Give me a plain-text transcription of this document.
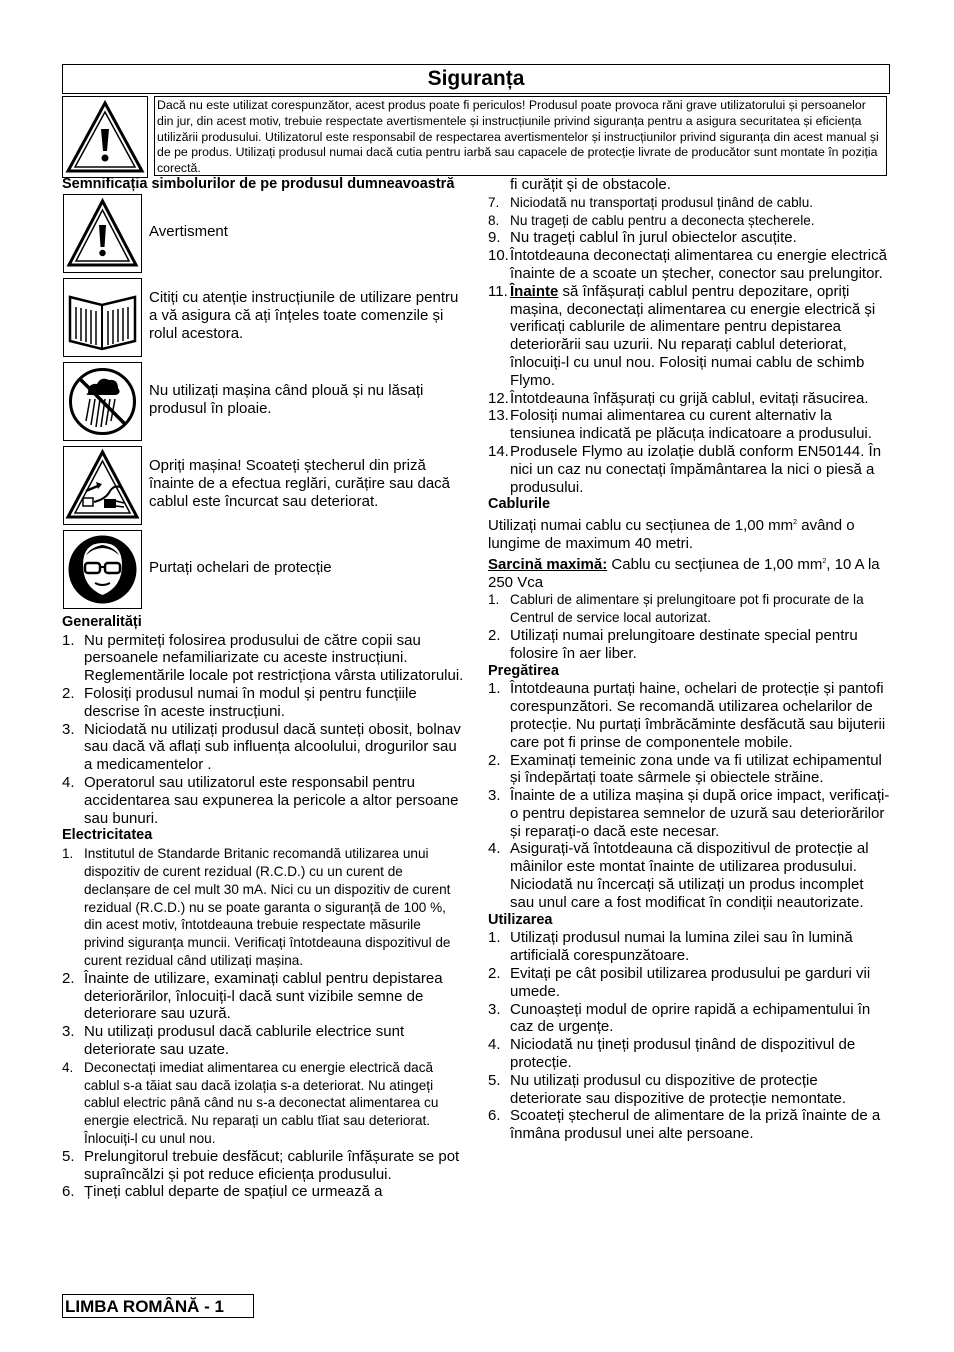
Siguranța
Dacă nu este utilizat corespunzător, acest produs poate fi periculos! Produsul poate provoca răni grave utilizatorului și persoanelor din jur, din acest motiv, trebuie respectate avertismentele și instrucțiunile privind siguranța pentru a asigura securitatea și eficiența utilizării produsului. Utilizatorul este responsabil de respectarea avertismentelor și instrucțiunilor privind siguranța din acest manual și de pe produs. Utilizați produsul numai dacă cutia pentru iarbă sau capacele de protecție livrate de producător sunt montate în poziția corectă.
Semnificația simbolurilor de pe produsul dumneavoastră
Avertisment
Citiți cu atenție instrucțiunile de utilizare pentru a vă asigura că ați înțeles toate comenzile și rolul acestora.
Nu utilizați mașina când plouă și nu lăsați produsul în ploaie.
Opriți mașina! Scoateți ștecherul din priză înainte de a efectua reglări, curățire sau dacă cablul este încurcat sau deteriorat.
Purtați ochelari de protecție
Generalități
1. Nu permiteți folosirea produsului de către copii sau persoanele nefamiliarizate cu aceste instrucțiuni. Reglementările locale pot restricționa vârsta utilizatorului.
2. Folosiți produsul numai în modul și pentru funcțiile descrise în aceste instrucțiuni.
3. Niciodată nu utilizați produsul dacă sunteți obosit, bolnav sau dacă vă aflați sub influența alcoolului, drogurilor sau a medicamentelor .
4. Operatorul sau utilizatorul este responsabil pentru accidentarea sau expunerea la pericole a altor persoane sau bunuri.
Electricitatea
1. Institutul de Standarde Britanic recomandă utilizarea unui dispozitiv de curent rezidual (R.C.D.) cu un curent de declanșare de cel mult 30 mA. Nici cu un dispozitiv de curent rezidual (R.C.D.) nu se poate garanta o siguranță de 100 %, din acest motiv, întotdeauna trebuie respectate măsurile privind siguranța muncii. Verificați întotdeauna dispozitivul de curent rezidual când utilizați mașina.
2. Înainte de utilizare, examinați cablul pentru depistarea deteriorărilor, înlocuiți-l dacă sunt vizibile semne de deteriorare sau uzură.
3. Nu utilizați produsul dacă cablurile electrice sunt deteriorate sau uzate.
4. Deconectați imediat alimentarea cu energie electrică dacă cablul s-a tăiat sau dacă izolația s-a deteriorat. Nu atingeți cablul electric până când nu s-a deconectat alimentarea cu energie electrică. Nu reparați un cablu tĭiat sau deteriorat. Înlocuiți-l cu unul nou.
5. Prelungitorul trebuie desfăcut; cablurile înfășurate se pot supraîncălzi și pot reduce eficiența produsului.
6. Țineți cablul departe de spațiul ce urmează a
fi curățit și de obstacole.
7. Niciodată nu transportați produsul ținând de cablu.
8. Nu trageți de cablu pentru a deconecta ștecherele.
9. Nu trageți cablul în jurul obiectelor ascuțite.
10. Întotdeauna deconectați alimentarea cu energie electrică înainte de a scoate un ștecher, conector sau prelungitor.
11. Înainte să înfășurați cablul pentru depozitare, opriți mașina, deconectați alimentarea cu energie electrică și verificați cablurile de alimentare pentru depistarea deteriorării sau uzurii. Nu reparați cablul deteriorat, înlocuiți-l cu unul nou. Folosiți numai cablu de schimb Flymo.
12. Întotdeauna înfășurați cu grijă cablul, evitați răsucirea.
13. Folosiți numai alimentarea cu curent alternativ la tensiunea indicată pe plăcuța indicatoare a produsului.
14. Produsele Flymo au izolație dublă conform EN50144. În nici un caz nu conectați împământarea la nici o piesă a produsului.
Cablurile
Utilizați numai cablu cu secțiunea de 1,00 $mm^2$ având o lungime de maximum 40 metri.
Sarcină maximă: Cablu cu secțiunea de 1,00 $mm^2$, 10 A la 250 Vca
1. Cabluri de alimentare și prelungitoare pot fi procurate de la Centrul de service local autorizat.
2. Utilizați numai prelungitoare destinate special pentru folosire în aer liber.
Pregătirea
1. Întotdeauna purtați haine, ochelari de protecție și pantofi corespunzători. Se recomandă utilizarea ochelarilor de protecție. Nu purtați îmbrăcăminte desfăcută sau bijuterii care pot fi prinse de componentele mobile.
2. Examinați temeinic zona unde va fi utilizat echipamentul și îndepărtați toate sârmele și obiectele străine.
3. Înainte de a utiliza mașina și după orice impact, verificați-o pentru depistarea semnelor de uzură sau deteriorărilor și reparați-o dacă este necesar.
4. Asigurați-vă întotdeauna că dispozitivul de protecție al mâinilor este montat înainte de utilizarea produsului. Niciodată nu încercați să utilizați un produs incomplet sau unul care a fost modificat în condiții neautorizate.
Utilizarea
1. Utilizați produsul numai la lumina zilei sau în lumină artificială corespunzătoare.
2. Evitați pe cât posibil utilizarea produsului pe garduri vii umede.
3. Cunoașteți modul de oprire rapidă a echipamentului în caz de urgențe.
4. Niciodată nu țineți produsul ținând de dispozitivul de protecție.
5. Nu utilizați produsul cu dispozitive de protecție deteriorate sau dispozitive de protecție nemontate.
6. Scoateți ștecherul de alimentare de la priză înainte de a înmâna produsul unei alte persoane.
LIMBA ROMÂNĂ - 1
